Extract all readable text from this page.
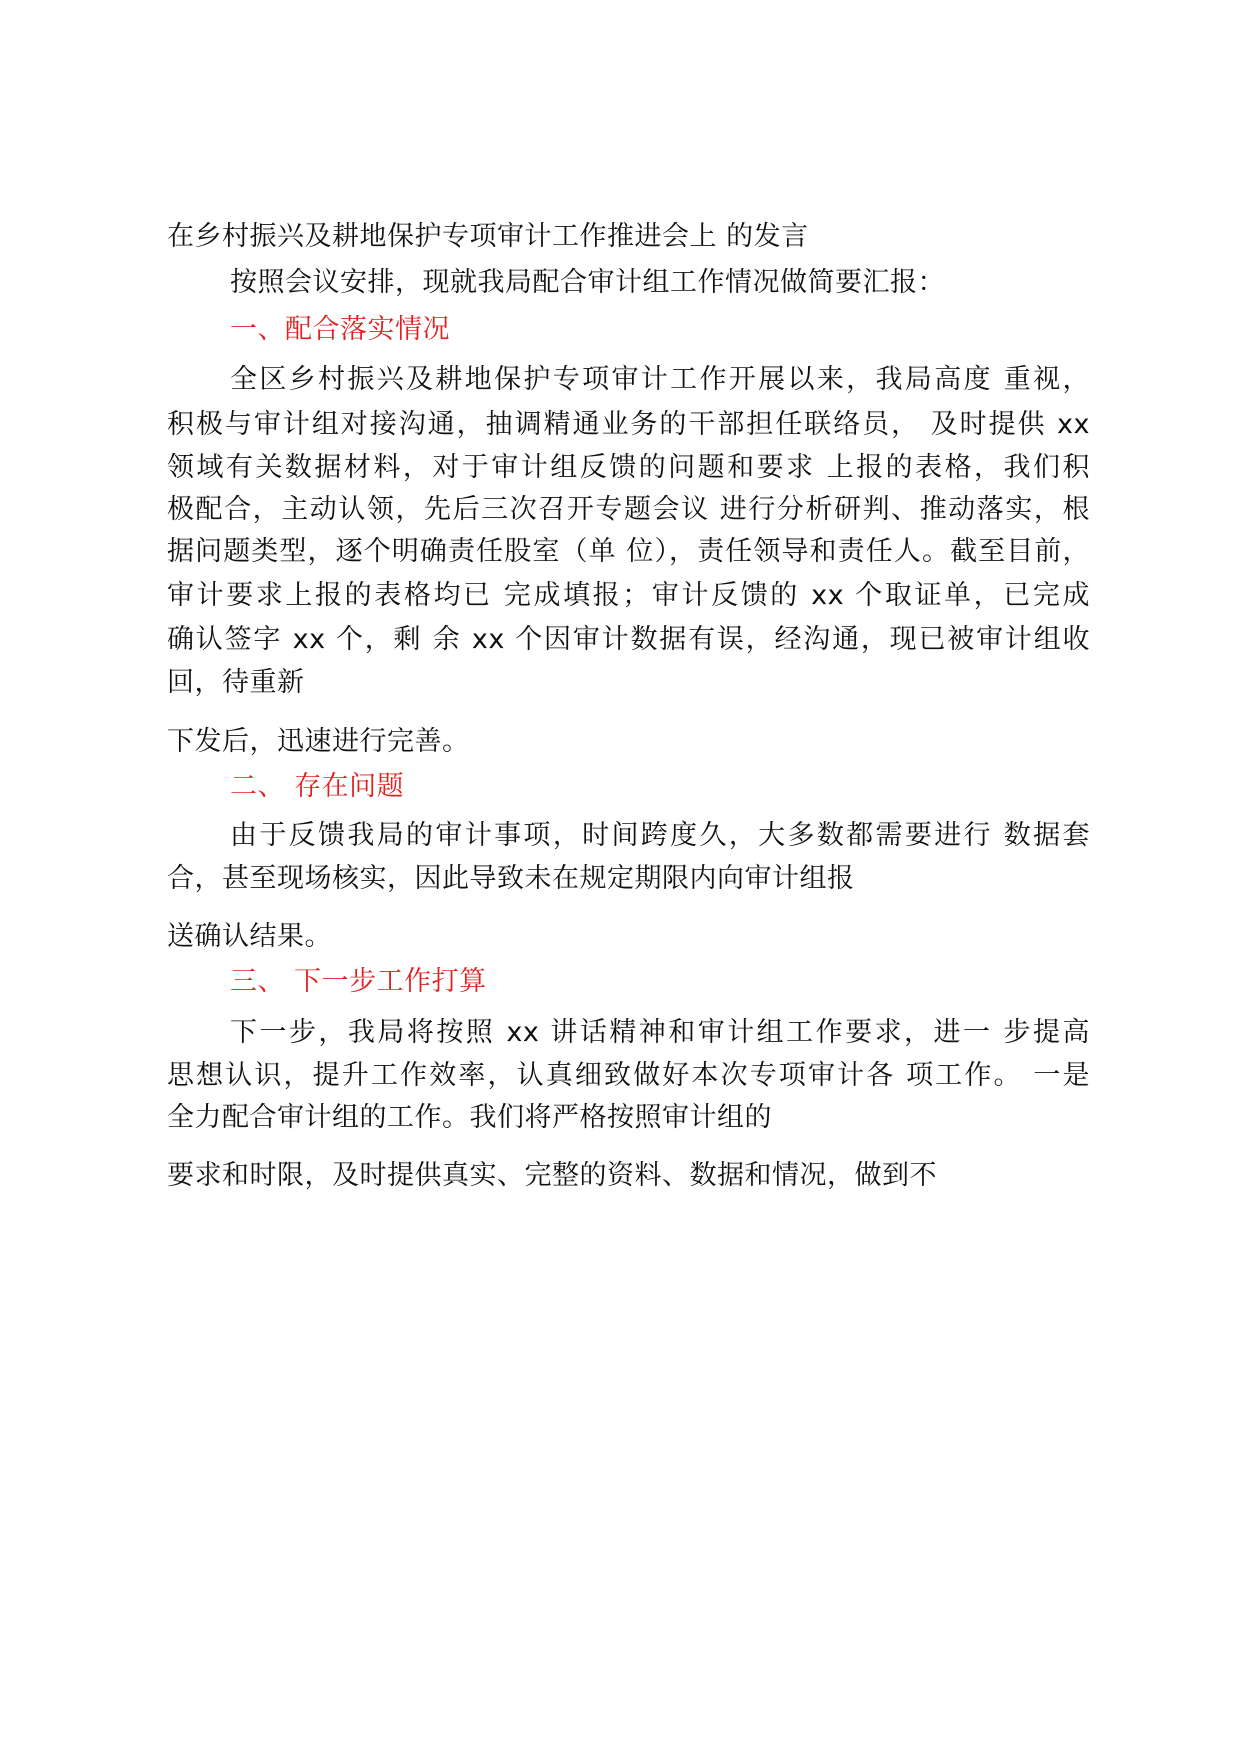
在乡村振兴及耕地保护专项审计工作推进会上 的发言
按照会议安排，现就我局配合审计组工作情况做简要汇报：
一、配合落实情况
全区乡村振兴及耕地保护专项审计工作开展以来，我局高度 重视，
积极与审计组对接沟通，抽调精通业务的干部担任联络员， 及时提供 xx
领域有关数据材料，对于审计组反馈的问题和要求 上报的表格，我们积
极配合，主动认领，先后三次召开专题会议 进行分析研判、推动落实，根
据问题类型，逐个明确责任股室（单 位），责任领导和责任人。截至目前，
审计要求上报的表格均已 完成填报；审计反馈的 xx 个取证单，已完成
确认签字 xx 个，剩 余 xx 个因审计数据有误，经沟通，现已被审计组收
回，待重新
下发后，迅速进行完善。
二、 存在问题
由于反馈我局的审计事项，时间跨度久，大多数都需要进行 数据套
合，甚至现场核实，因此导致未在规定期限内向审计组报
送确认结果。
三、 下一步工作打算
下一步，我局将按照 xx 讲话精神和审计组工作要求，进一 步提高
思想认识，提升工作效率，认真细致做好本次专项审计各 项工作。 一是
全力配合审计组的工作。我们将严格按照审计组的
要求和时限，及时提供真实、完整的资料、数据和情况，做到不
